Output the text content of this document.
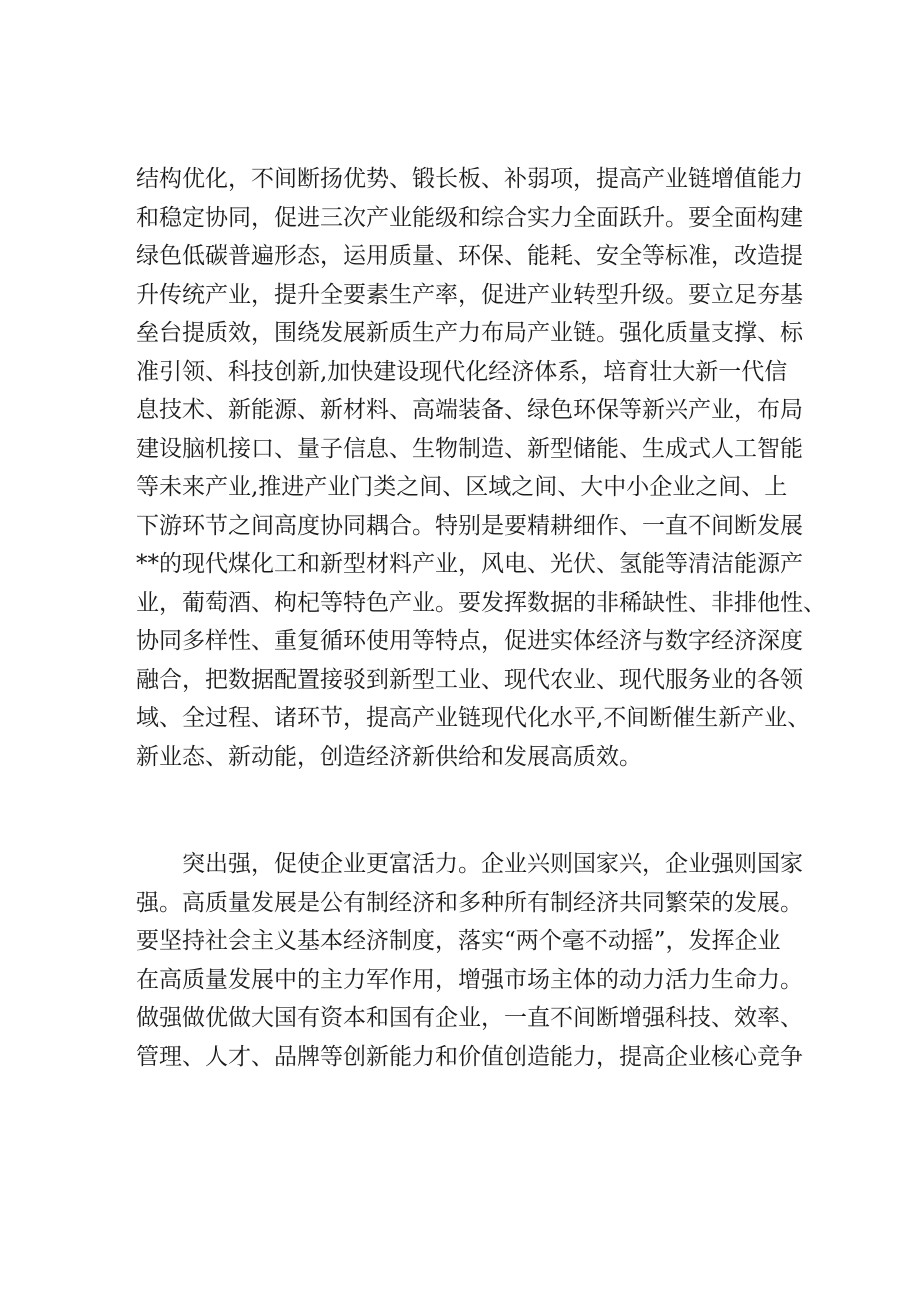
结构优化，不间断扬优势、锻长板、补弱项，提高产业链增值能力
和稳定协同，促进三次产业能级和综合实力全面跃升。要全面构建
绿色低碳普遍形态，运用质量、环保、能耗、安全等标准，改造提
升传统产业，提升全要素生产率，促进产业转型升级。要立足夯基
垒台提质效，围绕发展新质生产力布局产业链。强化质量支撑、标
准引领、科技创新,加快建设现代化经济体系，培育壮大新一代信
息技术、新能源、新材料、高端装备、绿色环保等新兴产业，布局
建设脑机接口、量子信息、生物制造、新型储能、生成式人工智能
等未来产业,推进产业门类之间、区域之间、大中小企业之间、上
下游环节之间高度协同耦合。特别是要精耕细作、一直不间断发展
**的现代煤化工和新型材料产业，风电、光伏、氢能等清洁能源产
业，葡萄酒、枸杞等特色产业。要发挥数据的非稀缺性、非排他性、
协同多样性、重复循环使用等特点，促进实体经济与数字经济深度
融合，把数据配置接驳到新型工业、现代农业、现代服务业的各领
域、全过程、诸环节，提高产业链现代化水平,不间断催生新产业、
新业态、新动能，创造经济新供给和发展高质效。
突出强，促使企业更富活力。企业兴则国家兴，企业强则国家
强。高质量发展是公有制经济和多种所有制经济共同繁荣的发展。
要坚持社会主义基本经济制度，落实“两个毫不动摇”，发挥企业
在高质量发展中的主力军作用，增强市场主体的动力活力生命力。
做强做优做大国有资本和国有企业，一直不间断增强科技、效率、
管理、人才、品牌等创新能力和价值创造能力，提高企业核心竞争
